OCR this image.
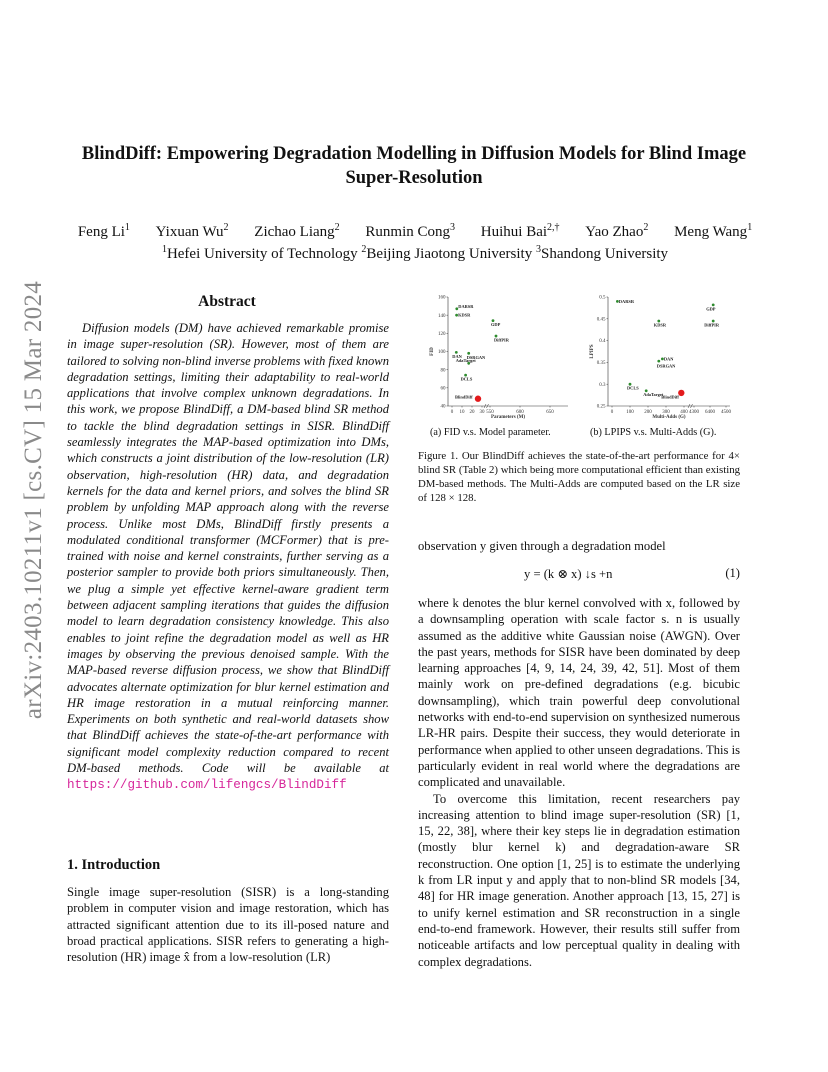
arXiv:2403.10211v1 [cs.CV] 15 Mar 2024
BlindDiff: Empowering Degradation Modelling in Diffusion Models for Blind Image Super-Resolution
Feng Li$^1$ Yixuan Wu$^2$ Zichao Liang$^2$ Runmin Cong$^3$ Huihui Bai$^{2,\dagger}$ Yao Zhao$^2$ Meng Wang$^1$
$^1$Hefei University of Technology $^2$Beijing Jiaotong University $^3$Shandong University
Abstract
Diffusion models (DM) have achieved remarkable promise in image super-resolution (SR). However, most of them are tailored to solving non-blind inverse problems with fixed known degradation settings, limiting their adaptability to real-world applications that involve complex unknown degradations. In this work, we propose BlindDiff, a DM-based blind SR method to tackle the blind degradation settings in SISR. BlindDiff seamlessly integrates the MAP-based optimization into DMs, which constructs a joint distribution of the low-resolution (LR) observation, high-resolution (HR) data, and degradation kernels for the data and kernel priors, and solves the blind SR problem by unfolding MAP approach along with the reverse process. Unlike most DMs, BlindDiff firstly presents a modulated conditional transformer (MCFormer) that is pre-trained with noise and kernel constraints, further serving as a posterior sampler to provide both priors simultaneously. Then, we plug a simple yet effective kernel-aware gradient term between adjacent sampling iterations that guides the diffusion model to learn degradation consistency knowledge. This also enables to joint refine the degradation model as well as HR images by observing the previous denoised sample. With the MAP-based reverse diffusion process, we show that BlindDiff advocates alternate optimization for blur kernel estimation and HR image restoration in a mutual reinforcing manner. Experiments on both synthetic and real-world datasets show that BlindDiff achieves the state-of-the-art performance with significant model complexity reduction compared to recent DM-based methods. Code will be available at https://github.com/lifengcs/BlindDiff
1. Introduction
Single image super-resolution (SISR) is a long-standing problem in computer vision and image restoration, which has attracted significant attention due to its ill-posed nature and broad practical applications. SISR refers to generating a high-resolution (HR) image x̂ from a low-resolution (LR)
40
60
80
100
120
140
160
0 10 20 30 550	600	650
Parameters (M)
FID
DARSR
KDSR
GDP
DiffPIR
DAN DSRGAN
AdaTarget
DCLS
BlindDiff
(a) FID v.s. Model parameter.
0.25
0.3
0.35
0.4
0.45
0.5
0	100 200 300 400 4300 6400 4500
Multi-Adds (G)
LPIPS
DARSR
GDP
DiffPIR
KDSR
DAN
DSRGAN
DCLS
AdaTarget
BlindDiff
(b) LPIPS v.s. Multi-Adds (G).
Figure 1. Our BlindDiff achieves the state-of-the-art performance for 4× blind SR (Table 2) which being more computational efficient than existing DM-based methods. The Multi-Adds are computed based on the LR size of 128 × 128.
observation y given through a degradation model
y = (k ⊗ x) ↓s +n	(1)

where k denotes the blur kernel convolved with x, followed by a downsampling operation with scale factor s. n is usually assumed as the additive white Gaussian noise (AWGN). Over the past years, methods for SISR have been dominated by deep learning approaches [4, 9, 14, 24, 39, 42, 51]. Most of them mainly work on pre-defined degradations (e.g. bicubic downsampling), which train powerful deep convolutional networks with end-to-end supervision on synthesized numerous LR-HR pairs. Despite their success, they would deteriorate in performance when applied to other unseen degradations. This is particularly evident in real world where the degradations are complicated and unavailable.

To overcome this limitation, recent researchers pay increasing attention to blind image super-resolution (SR) [1, 15, 22, 38], where their key steps lie in degradation estimation (mostly blur kernel k) and degradation-aware SR reconstruction. One option [1, 25] is to estimate the underlying k from LR input y and apply that to non-blind SR models [34, 48] for HR image generation. Another approach [13, 15, 27] is to unify kernel estimation and SR reconstruction in a single end-to-end framework. However, their results still suffer from noticeable artifacts and low perceptual quality in dealing with complex degradations.
